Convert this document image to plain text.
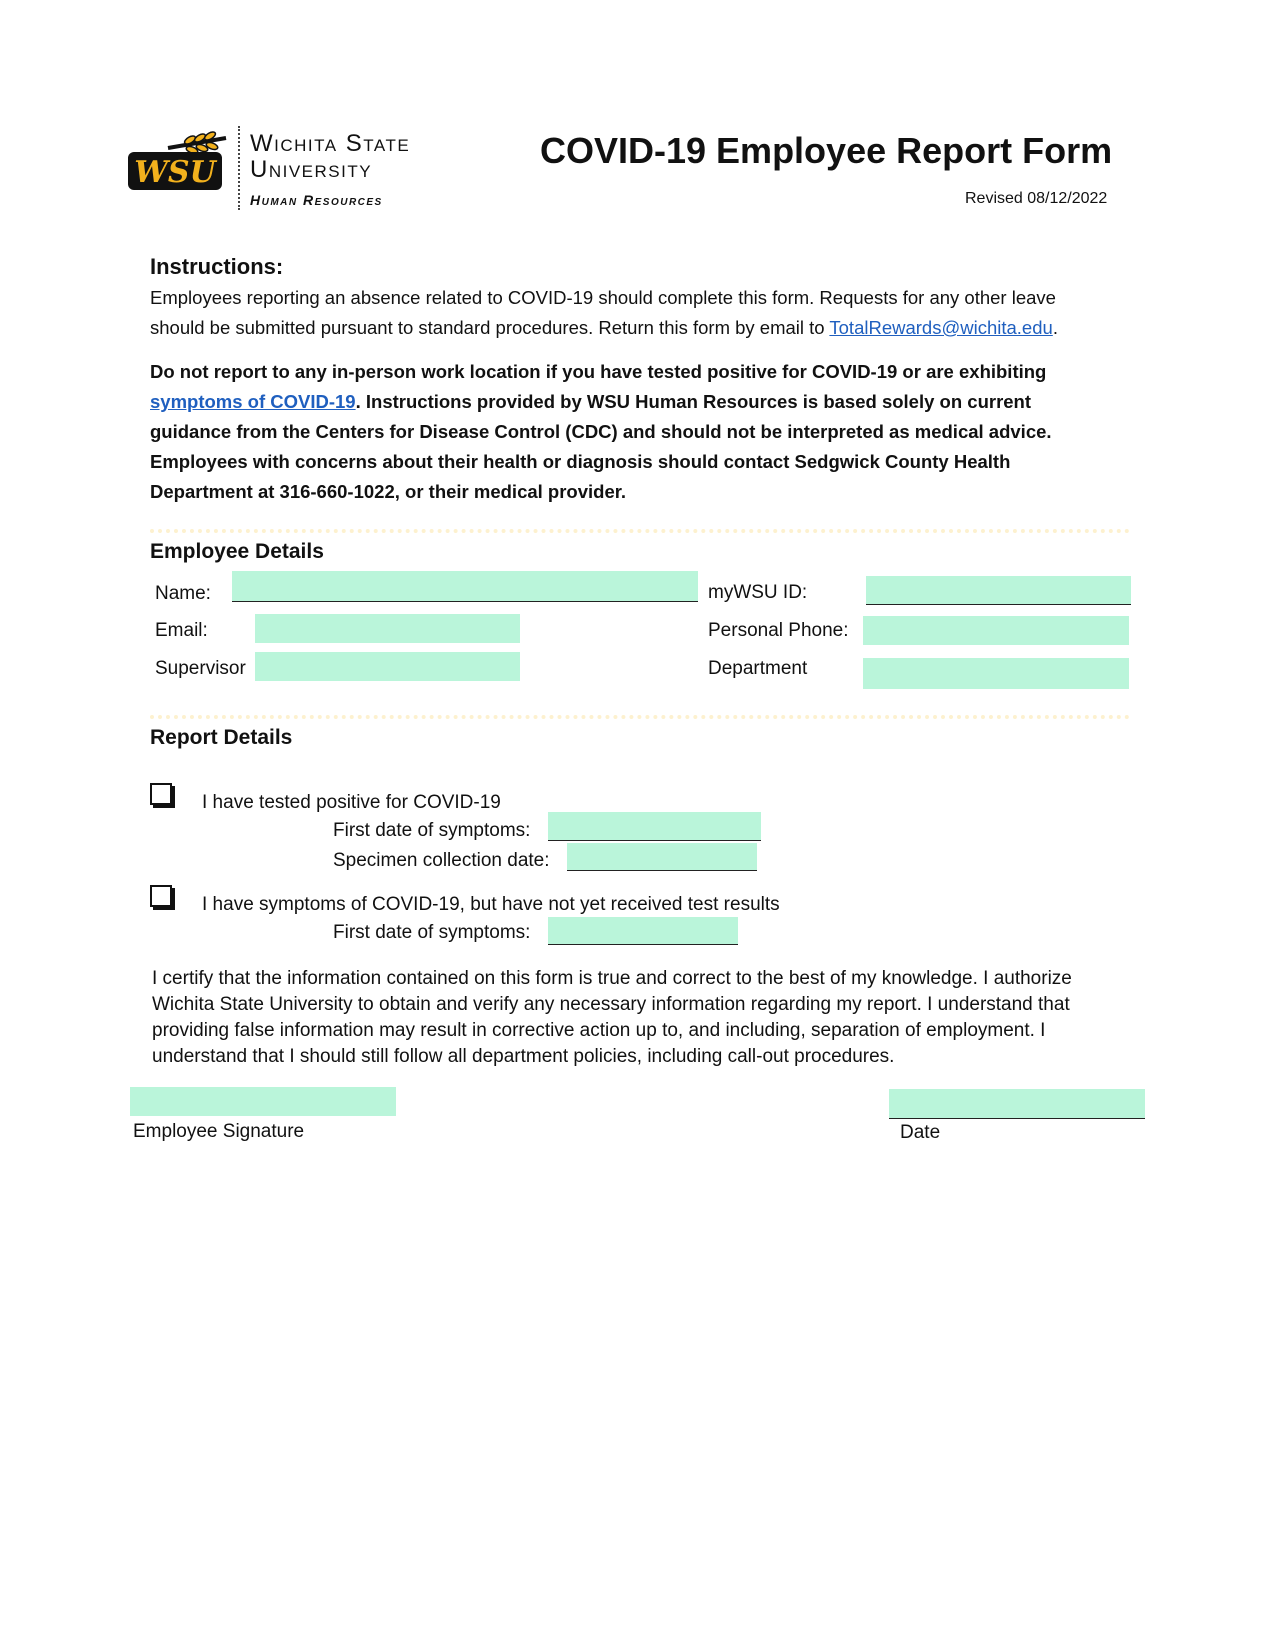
WSU
Wichita State
University
Human Resources
COVID-19 Employee Report Form
Revised 08/12/2022
Instructions:
Employees reporting an absence related to COVID-19 should complete this form. Requests for any other leave should be submitted pursuant to standard procedures. Return this form by email to TotalRewards@wichita.edu.
Do not report to any in-person work location if you have tested positive for COVID-19 or are exhibiting symptoms of COVID-19. Instructions provided by WSU Human Resources is based solely on current guidance from the Centers for Disease Control (CDC) and should not be interpreted as medical advice. Employees with concerns about their health or diagnosis should contact Sedgwick County Health Department at 316-660-1022, or their medical provider.
Employee Details
Name:
Email:
Supervisor
myWSU ID:
Personal Phone:
Department
Report Details
I have tested positive for COVID-19
First date of symptoms:
Specimen collection date:
I have symptoms of COVID-19, but have not yet received test results
First date of symptoms:
I certify that the information contained on this form is true and correct to the best of my knowledge. I authorize Wichita State University to obtain and verify any necessary information regarding my report. I understand that providing false information may result in corrective action up to, and including, separation of employment. I understand that I should still follow all department policies, including call-out procedures.
Employee Signature	Date
